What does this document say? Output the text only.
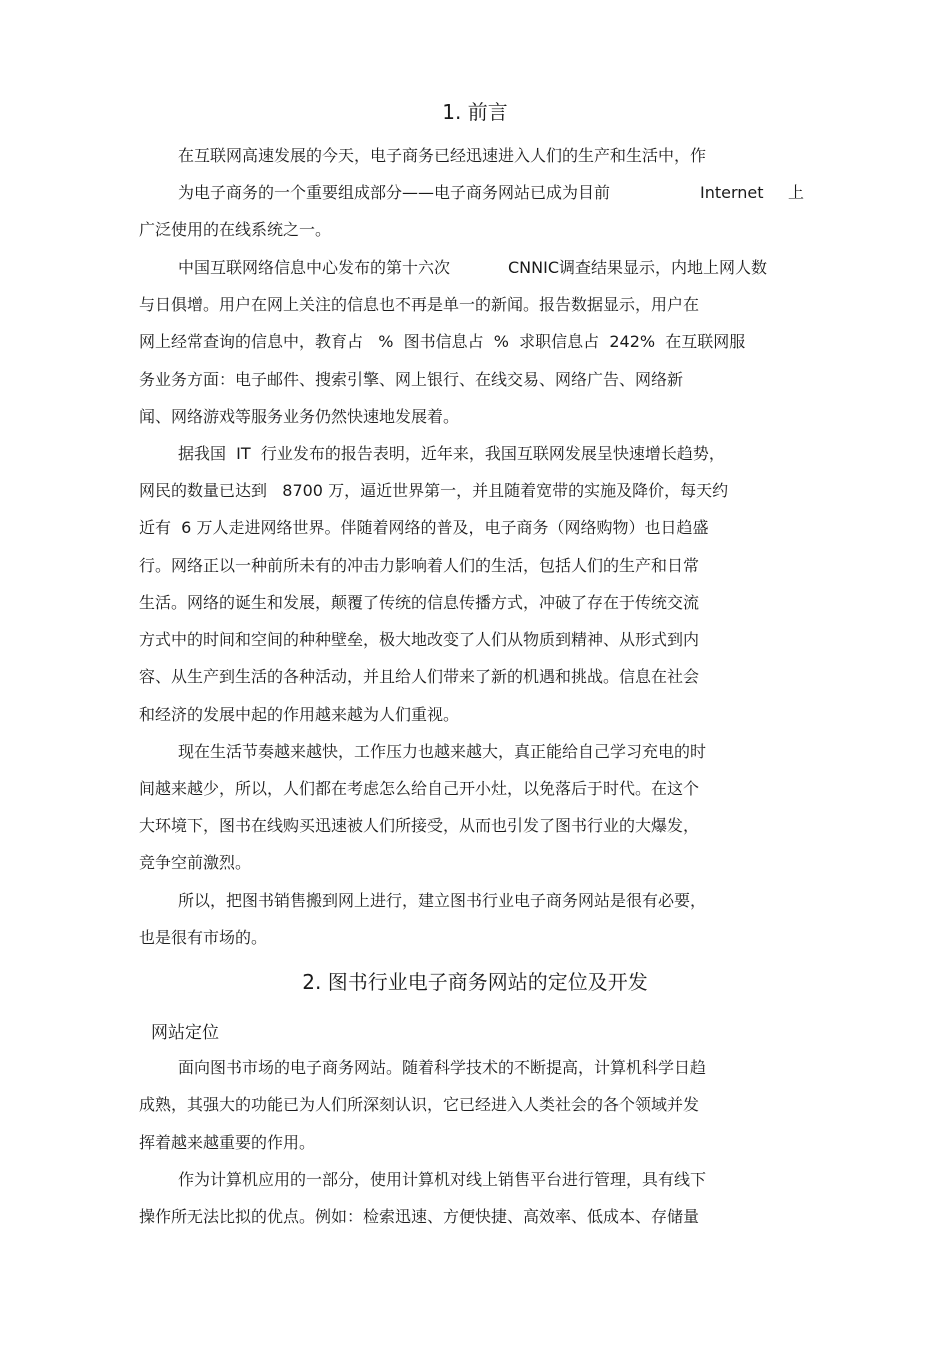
1. 前言
在互联网高速发展的今天，电子商务已经迅速进入人们的生产和生活中，作
为电子商务的一个重要组成部分——电子商务网站已成为目前	Internet 上
广泛使用的在线系统之一。
中国互联网络信息中心发布的第十六次	CNNIC调查结果显示，内地上网人数
与日俱增。用户在网上关注的信息也不再是单一的新闻。报告数据显示，用户在
网上经常查询的信息中，教育占   %  图书信息占  %  求职信息占  242%  在互联网服
务业务方面：电子邮件、搜索引擎、网上银行、在线交易、网络广告、网络新
闻、网络游戏等服务业务仍然快速地发展着。
据我国  IT  行业发布的报告表明，近年来，我国互联网发展呈快速增长趋势，
网民的数量已达到   8700 万，逼近世界第一，并且随着宽带的实施及降价，每天约
近有  6 万人走进网络世界。伴随着网络的普及，电子商务（网络购物）也日趋盛
行。网络正以一种前所未有的冲击力影响着人们的生活，包括人们的生产和日常
生活。网络的诞生和发展，颠覆了传统的信息传播方式，冲破了存在于传统交流
方式中的时间和空间的种种壁垒，极大地改变了人们从物质到精神、从形式到内
容、从生产到生活的各种活动，并且给人们带来了新的机遇和挑战。信息在社会
和经济的发展中起的作用越来越为人们重视。
现在生活节奏越来越快，工作压力也越来越大，真正能给自己学习充电的时
间越来越少，所以，人们都在考虑怎么给自己开小灶，以免落后于时代。在这个
大环境下，图书在线购买迅速被人们所接受，从而也引发了图书行业的大爆发，
竞争空前激烈。
所以，把图书销售搬到网上进行，建立图书行业电子商务网站是很有必要，
也是很有市场的。
2. 图书行业电子商务网站的定位及开发
网站定位
面向图书市场的电子商务网站。随着科学技术的不断提高，计算机科学日趋
成熟，其强大的功能已为人们所深刻认识，它已经进入人类社会的各个领域并发
挥着越来越重要的作用。
作为计算机应用的一部分，使用计算机对线上销售平台进行管理，具有线下
操作所无法比拟的优点。例如：检索迅速、方便快捷、高效率、低成本、存储量
